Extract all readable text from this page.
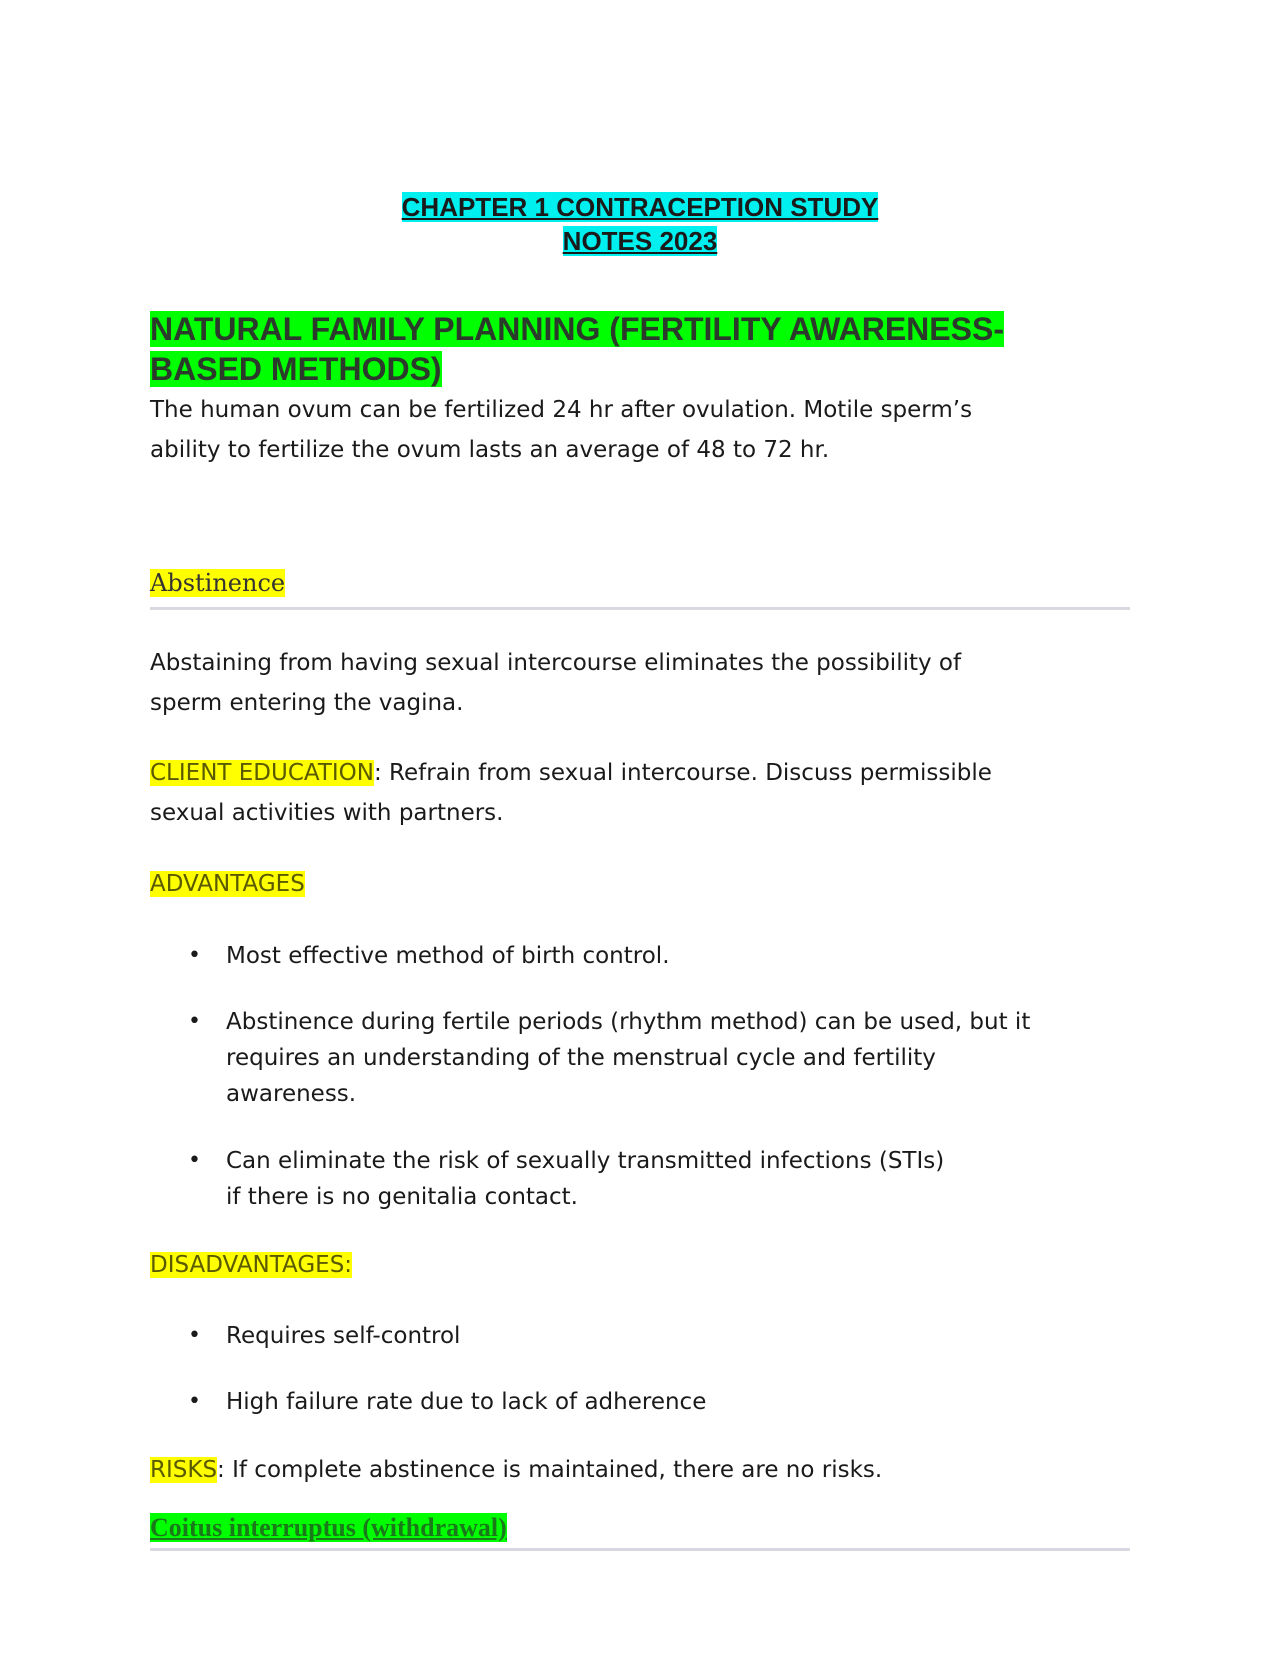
CHAPTER 1 CONTRACEPTION STUDY
NOTES 2023
NATURAL FAMILY PLANNING (FERTILITY AWARENESS-
BASED METHODS)
The human ovum can be fertilized 24 hr after ovulation. Motile sperm’s
ability to fertilize the ovum lasts an average of 48 to 72 hr.
Abstinence
Abstaining from having sexual intercourse eliminates the possibility of
sperm entering the vagina.
CLIENT EDUCATION: Refrain from sexual intercourse. Discuss permissible
sexual activities with partners.
ADVANTAGES
• Most effective method of birth control.
• Abstinence during fertile periods (rhythm method) can be used, but it
requires an understanding of the menstrual cycle and fertility
awareness.
• Can eliminate the risk of sexually transmitted infections (STIs)
if there is no genitalia contact.
DISADVANTAGES:
• Requires self-control
• High failure rate due to lack of adherence
RISKS: If complete abstinence is maintained, there are no risks.
Coitus interruptus (withdrawal)
